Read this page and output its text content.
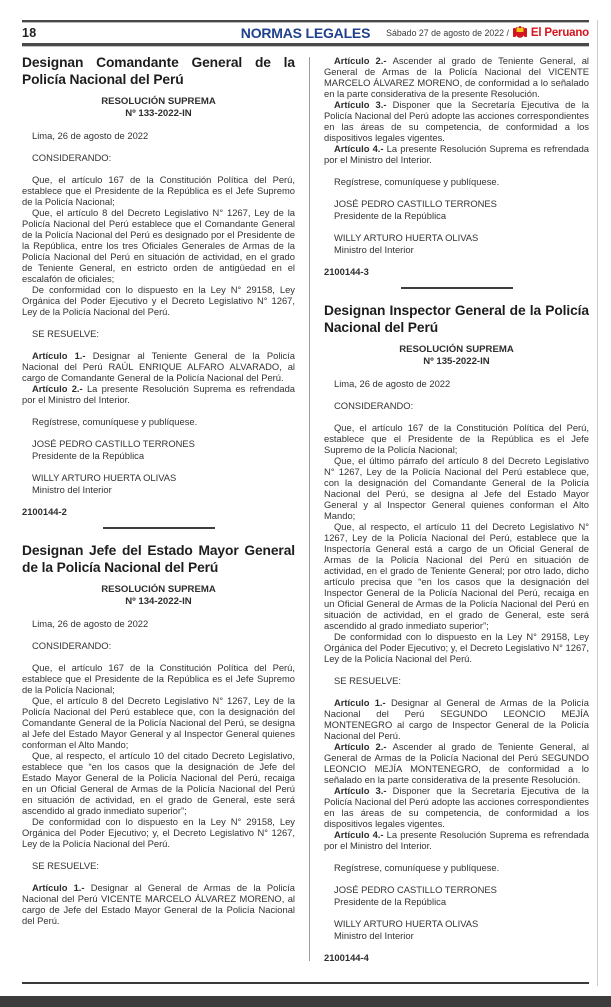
18	NORMAS LEGALES	Sábado 27 de agosto de 2022 / El Peruano
Designan Comandante General de la Policía Nacional del Perú
RESOLUCIÓN SUPREMA
Nº 133-2022-IN
Lima, 26 de agosto de 2022
CONSIDERANDO:
Que, el artículo 167 de la Constitución Política del Perú, establece que el Presidente de la República es el Jefe Supremo de la Policía Nacional;
Que, el artículo 8 del Decreto Legislativo N° 1267, Ley de la Policía Nacional del Perú establece que el Comandante General de la Policía Nacional del Perú es designado por el Presidente de la República, entre los tres Oficiales Generales de Armas de la Policía Nacional del Perú en situación de actividad, en el grado de Teniente General, en estricto orden de antigüedad en el escalafón de oficiales;
De conformidad con lo dispuesto en la Ley N° 29158, Ley Orgánica del Poder Ejecutivo y el Decreto Legislativo N° 1267, Ley de la Policía Nacional del Perú.
SE RESUELVE:
Artículo 1.- Designar al Teniente General de la Policía Nacional del Perú RAÚL ENRIQUE ALFARO ALVARADO, al cargo de Comandante General de la Policía Nacional del Perú.
Artículo 2.- La presente Resolución Suprema es refrendada por el Ministro del Interior.
Regístrese, comuníquese y publíquese.
JOSÉ PEDRO CASTILLO TERRONES
Presidente de la República
WILLY ARTURO HUERTA OLIVAS
Ministro del Interior
2100144-2
Designan Jefe del Estado Mayor General de la Policía Nacional del Perú
RESOLUCIÓN SUPREMA
Nº 134-2022-IN
Lima, 26 de agosto de 2022
CONSIDERANDO:
Que, el artículo 167 de la Constitución Política del Perú, establece que el Presidente de la República es el Jefe Supremo de la Policía Nacional;
Que, el artículo 8 del Decreto Legislativo N° 1267, Ley de la Policía Nacional del Perú establece que, con la designación del Comandante General de la Policía Nacional del Perú, se designa al Jefe del Estado Mayor General y al Inspector General quienes conforman el Alto Mando;
Que, al respecto, el artículo 10 del citado Decreto Legislativo, establece que “en los casos que la designación de Jefe del Estado Mayor General de la Policía Nacional del Perú, recaiga en un Oficial General de Armas de la Policía Nacional del Perú en situación de actividad, en el grado de General, este será ascendido al grado inmediato superior”;
De conformidad con lo dispuesto en la Ley N° 29158, Ley Orgánica del Poder Ejecutivo; y, el Decreto Legislativo N° 1267, Ley de la Policía Nacional del Perú.
SE RESUELVE:
Artículo 1.- Designar al General de Armas de la Policía Nacional del Perú VICENTE MARCELO ÁLVAREZ MORENO, al cargo de Jefe del Estado Mayor General de la Policía Nacional del Perú.
Artículo 2.- Ascender al grado de Teniente General, al General de Armas de la Policía Nacional del VICENTE MARCELO ÁLVAREZ MORENO, de conformidad a lo señalado en la parte considerativa de la presente Resolución.
Artículo 3.- Disponer que la Secretaría Ejecutiva de la Policía Nacional del Perú adopte las acciones correspondientes en las áreas de su competencia, de conformidad a los dispositivos legales vigentes.
Artículo 4.- La presente Resolución Suprema es refrendada por el Ministro del Interior.
Regístrese, comuníquese y publíquese.
JOSÉ PEDRO CASTILLO TERRONES
Presidente de la República
WILLY ARTURO HUERTA OLIVAS
Ministro del Interior
2100144-3
Designan Inspector General de la Policía Nacional del Perú
RESOLUCIÓN SUPREMA
Nº 135-2022-IN
Lima, 26 de agosto de 2022
CONSIDERANDO:
Que, el artículo 167 de la Constitución Política del Perú, establece que el Presidente de la República es el Jefe Supremo de la Policía Nacional;
Que, el último párrafo del artículo 8 del Decreto Legislativo N° 1267, Ley de la Policía Nacional del Perú establece que, con la designación del Comandante General de la Policía Nacional del Perú, se designa al Jefe del Estado Mayor General y al Inspector General quienes conforman el Alto Mando;
Que, al respecto, el artículo 11 del Decreto Legislativo N° 1267, Ley de la Policía Nacional del Perú, establece que la Inspectoría General está a cargo de un Oficial General de Armas de la Policía Nacional del Perú en situación de actividad, en el grado de Teniente General; por otro lado, dicho artículo precisa que “en los casos que la designación del Inspector General de la Policía Nacional del Perú, recaiga en un Oficial General de Armas de la Policía Nacional del Perú en situación de actividad, en el grado de General, este será ascendido al grado inmediato superior”;
De conformidad con lo dispuesto en la Ley N° 29158, Ley Orgánica del Poder Ejecutivo; y, el Decreto Legislativo N° 1267, Ley de la Policía Nacional del Perú.
SE RESUELVE:
Artículo 1.- Designar al General de Armas de la Policía Nacional del Perú SEGUNDO LEONCIO MEJÍA MONTENEGRO al cargo de Inspector General de la Policía Nacional del Perú.
Artículo 2.- Ascender al grado de Teniente General, al General de Armas de la Policía Nacional del Perú SEGUNDO LEONCIO MEJÍA MONTENEGRO, de conformidad a lo señalado en la parte considerativa de la presente Resolución.
Artículo 3.- Disponer que la Secretaría Ejecutiva de la Policía Nacional del Perú adopte las acciones correspondientes en las áreas de su competencia, de conformidad a los dispositivos legales vigentes.
Artículo 4.- La presente Resolución Suprema es refrendada por el Ministro del Interior.
Regístrese, comuníquese y publíquese.
JOSÉ PEDRO CASTILLO TERRONES
Presidente de la República
WILLY ARTURO HUERTA OLIVAS
Ministro del Interior
2100144-4
